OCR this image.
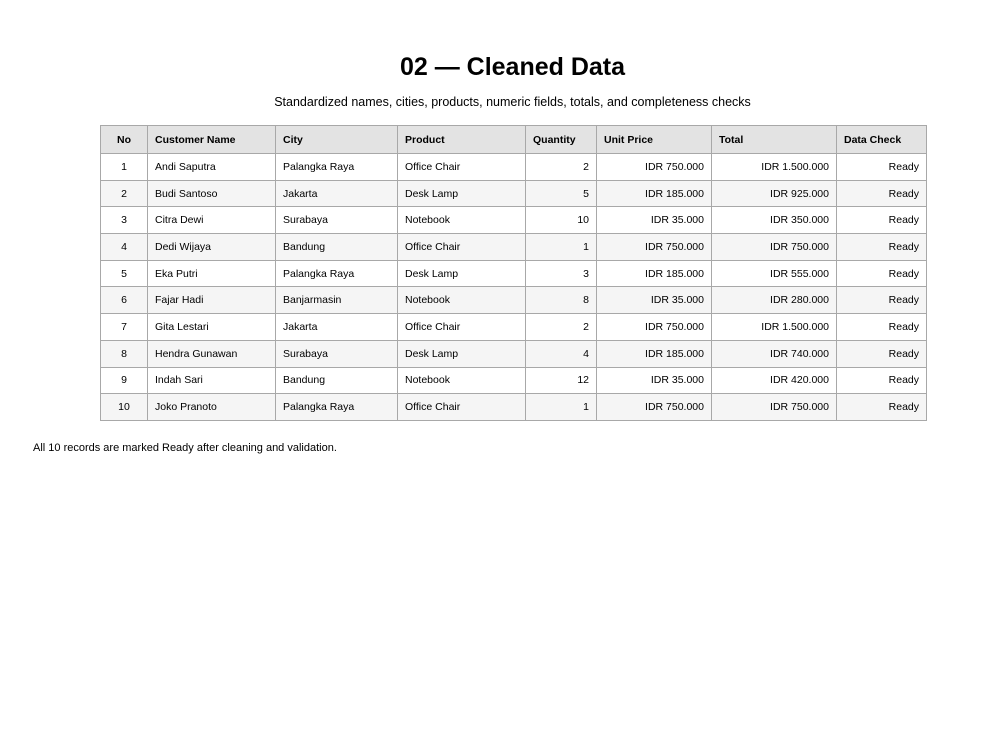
02 — Cleaned Data

Standardized names, cities, products, numeric fields, totals, and completeness checks

No	Customer Name	City	Product	Quantity	Unit Price	Total	Data Check
1	Andi Saputra	Palangka Raya	Office Chair	2	IDR 750.000	IDR 1.500.000	Ready
2	Budi Santoso	Jakarta	Desk Lamp	5	IDR 185.000	IDR 925.000	Ready
3	Citra Dewi	Surabaya	Notebook	10	IDR 35.000	IDR 350.000	Ready
4	Dedi Wijaya	Bandung	Office Chair	1	IDR 750.000	IDR 750.000	Ready
5	Eka Putri	Palangka Raya	Desk Lamp	3	IDR 185.000	IDR 555.000	Ready
6	Fajar Hadi	Banjarmasin	Notebook	8	IDR 35.000	IDR 280.000	Ready
7	Gita Lestari	Jakarta	Office Chair	2	IDR 750.000	IDR 1.500.000	Ready
8	Hendra Gunawan	Surabaya	Desk Lamp	4	IDR 185.000	IDR 740.000	Ready
9	Indah Sari	Bandung	Notebook	12	IDR 35.000	IDR 420.000	Ready
10	Joko Pranoto	Palangka Raya	Office Chair	1	IDR 750.000	IDR 750.000	Ready

All 10 records are marked Ready after cleaning and validation.
